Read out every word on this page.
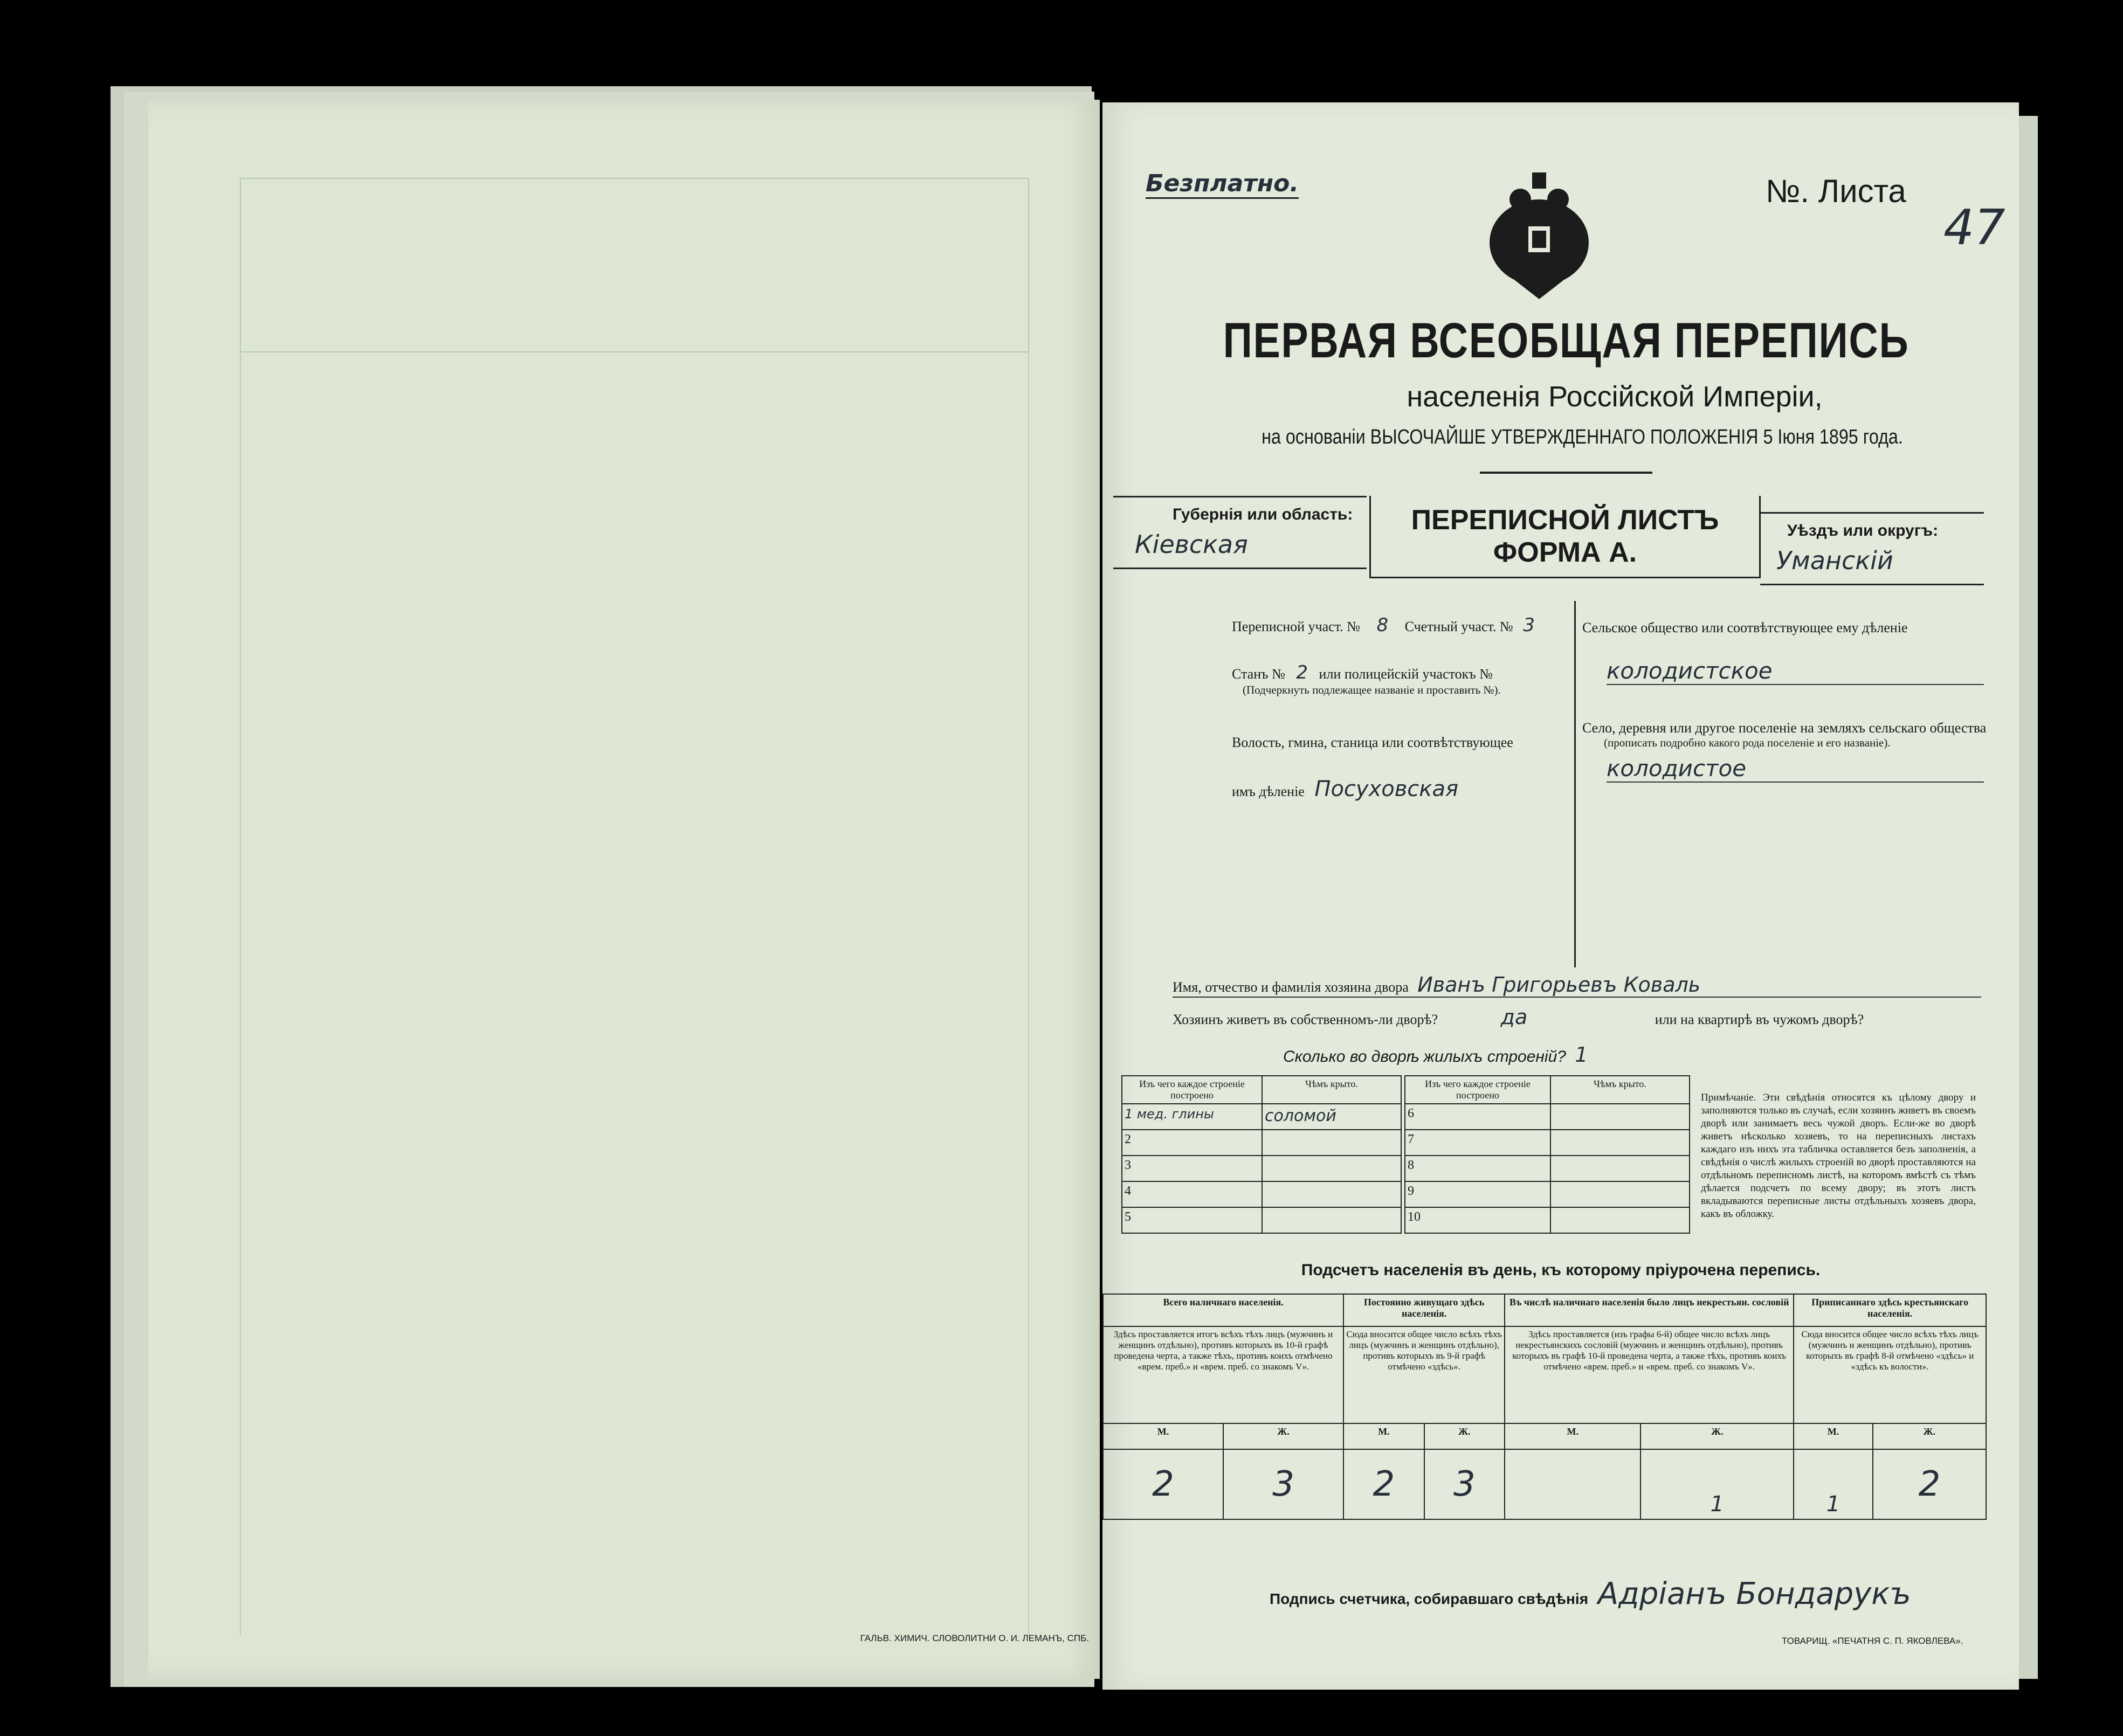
Безплатно.	№. Листа
47
ПЕРВАЯ ВСЕОБЩАЯ ПЕРЕПИСЬ
населенія Россійской Имперіи,
на основаніи ВЫСОЧАЙШЕ УТВЕРЖДЕННАГО ПОЛОЖЕНІЯ 5 Іюня 1895 года.
Губернія или область:
Кіевская
ПЕРЕПИСНОЙ ЛИСТЪ
ФОРМА А.
Уѣздъ или округъ:
Уманскій
Переписной участ. № 8 Счетный участ. № 3
Станъ № 2 или полицейскій участокъ №
(Подчеркнуть подлежащее названіе и проставить №).
Волость, гмина, станица или соотвѣтствующее
имъ дѣленіе Посуховская
Сельское общество или соотвѣтствующее ему дѣленіе
колодистское
Село, деревня или другое поселеніе на земляхъ сельскаго общества
(прописать подробно какого рода поселеніе и его названіе).
колодистое
Имя, отчество и фамилія хозяина двора Иванъ Григорьевъ Коваль
Хозяинъ живетъ въ собственномъ-ли дворѣ?	да	или на квартирѣ въ чужомъ дворѣ?
Сколько во дворѣ жилыхъ строеній? 1
Изъ чего каждое строеніе построено	Чѣмъ крыто.
1 мед. глины	соломой
2	
3	
4	
5	
Изъ чего каждое строеніе построено	Чѣмъ крыто.
6	
7	
8	
9	
10	
Примѣчаніе. Эти свѣдѣнія относятся къ цѣлому двору и заполняются только въ случаѣ, если хозяинъ живетъ въ своемъ дворѣ или занимаетъ весь чужой дворъ. Если-же во дворѣ живетъ нѣсколько хозяевъ, то на переписныхъ листахъ каждаго изъ нихъ эта табличка оставляется безъ заполненія, а свѣдѣнія о числѣ жилыхъ строеній во дворѣ проставляются на отдѣльномъ переписномъ листѣ, на которомъ вмѣстѣ съ тѣмъ дѣлается подсчетъ по всему двору; въ этотъ листъ вкладываются переписные листы отдѣльныхъ хозяевъ двора, какъ въ обложку.
Подсчетъ населенія въ день, къ которому пріурочена перепись.
Всего наличнаго населенія.		Постоянно живущаго здѣсь населенія.		Въ числѣ наличнаго населенія было лицъ некрестьян. сословій		Приписаннаго здѣсь крестьянскаго населенія.	
Здѣсь проставляется итогъ всѣхъ тѣхъ лицъ (мужчинъ и женщинъ отдѣльно), противъ которыхъ въ 10-й графѣ проведена черта, а также тѣхъ, противъ коихъ отмѣчено «врем. преб.» и «врем. преб. со знакомъ V».		Сюда вносится общее число всѣхъ тѣхъ лицъ (мужчинъ и женщинъ отдѣльно), противъ которыхъ въ 9-й графѣ отмѣчено «здѣсь».		Здѣсь проставляется (изъ графы 6-й) общее число всѣхъ лицъ некрестьянскихъ сословій (мужчинъ и женщинъ отдѣльно), противъ которыхъ въ графѣ 10-й проведена черта, а также тѣхъ, противъ коихъ отмѣчено «врем. преб.» и «врем. преб. со знакомъ V».		Сюда вносится общее число всѣхъ тѣхъ лицъ (мужчинъ и женщинъ отдѣльно), противъ которыхъ въ графѣ 8-й отмѣчено «здѣсь» и «здѣсь къ волости».	
М.	Ж.	М.	Ж.	М.	Ж.	М.	Ж.
2	3	2	3		1	1	2
Подпись счетчика, собиравшаго свѣдѣнія Адріанъ Бондарукъ
ТОВАРИЩ. «ПЕЧАТНЯ С. П. ЯКОВЛЕВА».
ГАЛЬВ. ХИМИЧ. СЛОВОЛИТНИ О. И. ЛЕМАНЪ, СПБ.
